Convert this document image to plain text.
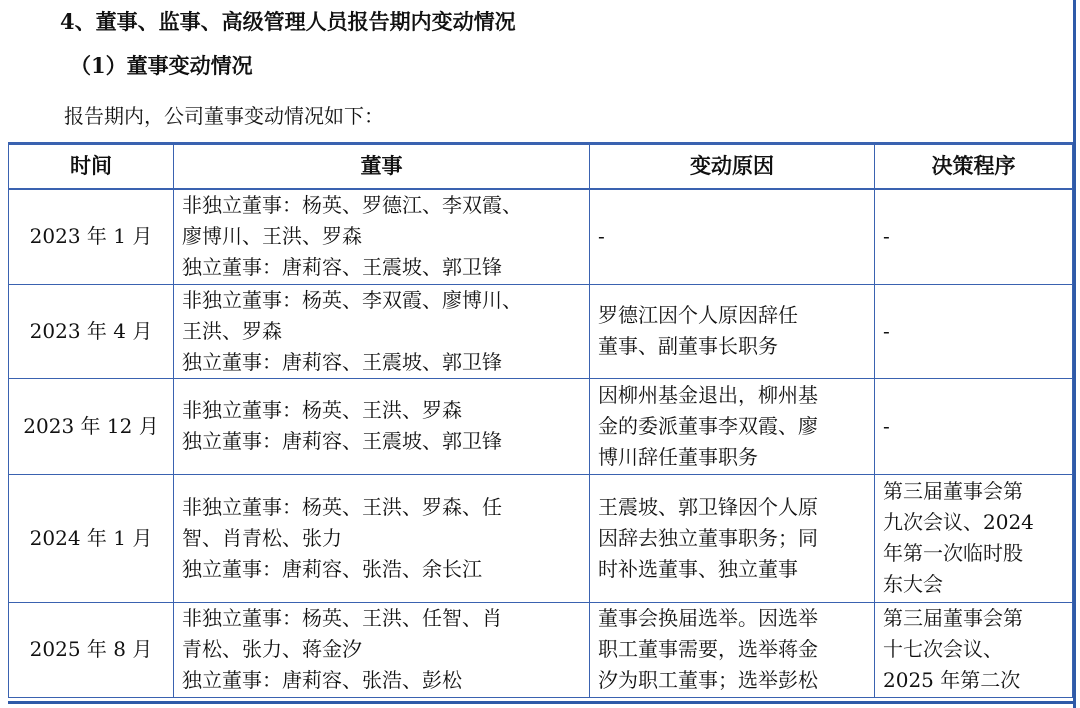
4、董事、监事、高级管理人员报告期内变动情况
（1）董事变动情况
报告期内，公司董事变动情况如下：
时间	董事	变动原因	决策程序
2023 年 1 月	非独立董事：杨英、罗德江、李双霞、
廖博川、王洪、罗森
独立董事：唐莉容、王震坡、郭卫锋	-	-

2023 年 4 月	非独立董事：杨英、李双霞、廖博川、
王洪、罗森
独立董事：唐莉容、王震坡、郭卫锋	罗德江因个人原因辞任
董事、副董事长职务	-

2023 年 12 月	非独立董事：杨英、王洪、罗森
独立董事：唐莉容、王震坡、郭卫锋	因柳州基金退出，柳州基
金的委派董事李双霞、廖
博川辞任董事职务	-

2024 年 1 月	非独立董事：杨英、王洪、罗森、任
智、肖青松、张力
独立董事：唐莉容、张浩、余长江	王震坡、郭卫锋因个人原
因辞去独立董事职务；同
时补选董事、独立董事	第三届董事会第
九次会议、2024
年第一次临时股
东大会

2025 年 8 月	非独立董事：杨英、王洪、任智、肖
青松、张力、蒋金汐
独立董事：唐莉容、张浩、彭松	董事会换届选举。因选举
职工董事需要，选举蒋金
汐为职工董事；选举彭松	第三届董事会第
十七次会议、
2025 年第二次
